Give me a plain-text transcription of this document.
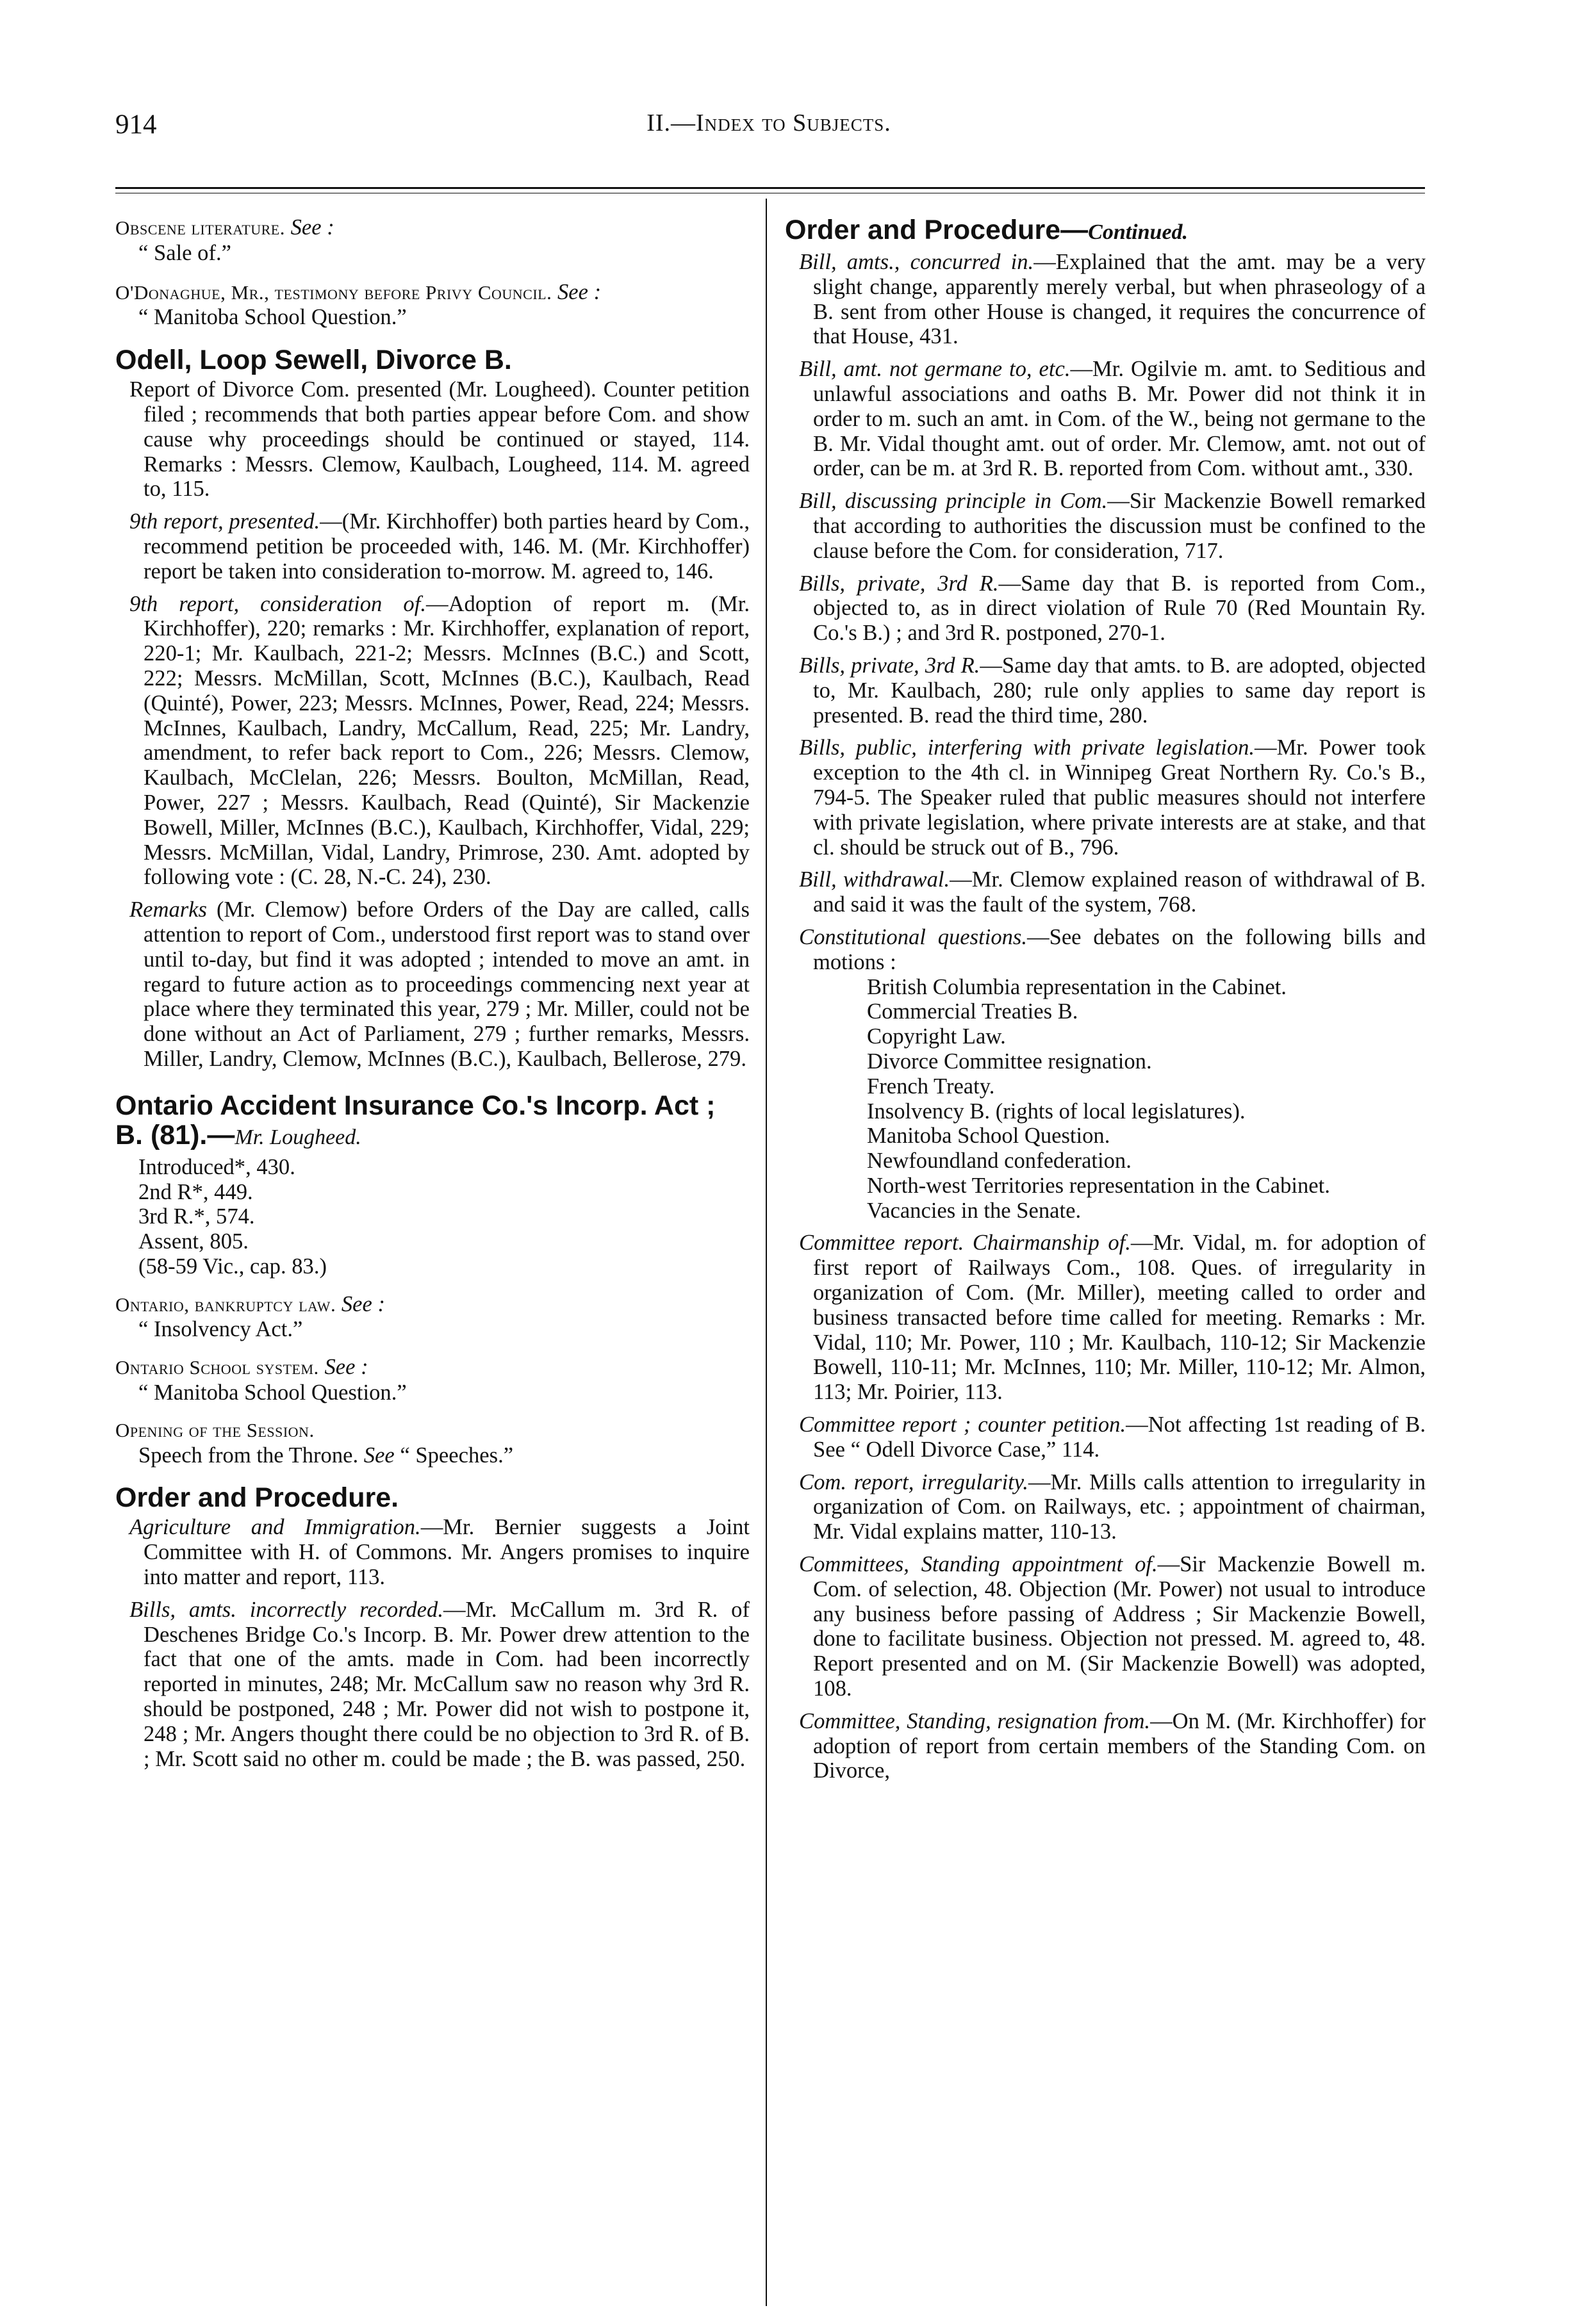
914	II.—Index to Subjects.
Obscene literature. See :
“ Sale of.”
O'Donaghue, Mr., testimony before Privy Council. See :
“ Manitoba School Question.”
Odell, Loop Sewell, Divorce B.

Report of Divorce Com. presented (Mr. Lougheed). Counter petition filed ; recommends that both parties appear before Com. and show cause why proceedings should be continued or stayed, 114. Remarks : Messrs. Clemow, Kaulbach, Lougheed, 114. M. agreed to, 115.

9th report, presented.—(Mr. Kirchhoffer) both parties heard by Com., recommend petition be proceeded with, 146. M. (Mr. Kirchhoffer) report be taken into consideration to-morrow. M. agreed to, 146.

9th report, consideration of.—Adoption of report m. (Mr. Kirchhoffer), 220; remarks : Mr. Kirchhoffer, explanation of report, 220-1; Mr. Kaulbach, 221-2; Messrs. McInnes (B.C.) and Scott, 222; Messrs. McMillan, Scott, McInnes (B.C.), Kaulbach, Read (Quinté), Power, 223; Messrs. McInnes, Power, Read, 224; Messrs. McInnes, Kaulbach, Landry, McCallum, Read, 225; Mr. Landry, amendment, to refer back report to Com., 226; Messrs. Clemow, Kaulbach, McClelan, 226; Messrs. Boulton, McMillan, Read, Power, 227 ; Messrs. Kaulbach, Read (Quinté), Sir Mackenzie Bowell, Miller, McInnes (B.C.), Kaulbach, Kirchhoffer, Vidal, 229; Messrs. McMillan, Vidal, Landry, Primrose, 230. Amt. adopted by following vote : (C. 28, N.-C. 24), 230.

Remarks (Mr. Clemow) before Orders of the Day are called, calls attention to report of Com., understood first report was to stand over until to-day, but find it was adopted ; intended to move an amt. in regard to future action as to proceedings commencing next year at place where they terminated this year, 279 ; Mr. Miller, could not be done without an Act of Parliament, 279 ; further remarks, Messrs. Miller, Landry, Clemow, McInnes (B.C.), Kaulbach, Bellerose, 279.

Ontario Accident Insurance Co.'s Incorp. Act ; B. (81).—Mr. Lougheed.
Introduced*, 430.
2nd R*, 449.
3rd R.*, 574.
Assent, 805.
(58-59 Vic., cap. 83.)
Ontario, bankruptcy law. See :
“ Insolvency Act.”
Ontario School system. See :
“ Manitoba School Question.”
Opening of the Session.
Speech from the Throne. See “ Speeches.”
Order and Procedure.

Agriculture and Immigration.—Mr. Bernier suggests a Joint Committee with H. of Commons. Mr. Angers promises to inquire into matter and report, 113.

Bills, amts. incorrectly recorded.—Mr. McCallum m. 3rd R. of Deschenes Bridge Co.'s Incorp. B. Mr. Power drew attention to the fact that one of the amts. made in Com. had been incorrectly reported in minutes, 248; Mr. McCallum saw no reason why 3rd R. should be postponed, 248 ; Mr. Power did not wish to postpone it, 248 ; Mr. Angers thought there could be no objection to 3rd R. of B. ; Mr. Scott said no other m. could be made ; the B. was passed, 250.

Order and Procedure—Continued.

Bill, amts., concurred in.—Explained that the amt. may be a very slight change, apparently merely verbal, but when phraseology of a B. sent from other House is changed, it requires the concurrence of that House, 431.

Bill, amt. not germane to, etc.—Mr. Ogilvie m. amt. to Seditious and unlawful associations and oaths B. Mr. Power did not think it in order to m. such an amt. in Com. of the W., being not germane to the B. Mr. Vidal thought amt. out of order. Mr. Clemow, amt. not out of order, can be m. at 3rd R. B. reported from Com. without amt., 330.

Bill, discussing principle in Com.—Sir Mackenzie Bowell remarked that according to authorities the discussion must be confined to the clause before the Com. for consideration, 717.

Bills, private, 3rd R.—Same day that B. is reported from Com., objected to, as in direct violation of Rule 70 (Red Mountain Ry. Co.'s B.) ; and 3rd R. postponed, 270-1.

Bills, private, 3rd R.—Same day that amts. to B. are adopted, objected to, Mr. Kaulbach, 280; rule only applies to same day report is presented. B. read the third time, 280.

Bills, public, interfering with private legislation.—Mr. Power took exception to the 4th cl. in Winnipeg Great Northern Ry. Co.'s B., 794-5. The Speaker ruled that public measures should not interfere with private legislation, where private interests are at stake, and that cl. should be struck out of B., 796.

Bill, withdrawal.—Mr. Clemow explained reason of withdrawal of B. and said it was the fault of the system, 768.

Constitutional questions.—See debates on the following bills and motions :

British Columbia representation in the Cabinet.
Commercial Treaties B.
Copyright Law.
Divorce Committee resignation.
French Treaty.
Insolvency B. (rights of local legislatures).
Manitoba School Question.
Newfoundland confederation.
North-west Territories representation in the Cabinet.
Vacancies in the Senate.

Committee report. Chairmanship of.—Mr. Vidal, m. for adoption of first report of Railways Com., 108. Ques. of irregularity in organization of Com. (Mr. Miller), meeting called to order and business transacted before time called for meeting. Remarks : Mr. Vidal, 110; Mr. Power, 110 ; Mr. Kaulbach, 110-12; Sir Mackenzie Bowell, 110-11; Mr. McInnes, 110; Mr. Miller, 110-12; Mr. Almon, 113; Mr. Poirier, 113.

Committee report ; counter petition.—Not affecting 1st reading of B. See “ Odell Divorce Case,” 114.

Com. report, irregularity.—Mr. Mills calls attention to irregularity in organization of Com. on Railways, etc. ; appointment of chairman, Mr. Vidal explains matter, 110-13.

Committees, Standing appointment of.—Sir Mackenzie Bowell m. Com. of selection, 48. Objection (Mr. Power) not usual to introduce any business before passing of Address ; Sir Mackenzie Bowell, done to facilitate business. Objection not pressed. M. agreed to, 48. Report presented and on M. (Sir Mackenzie Bowell) was adopted, 108.

Committee, Standing, resignation from.—On M. (Mr. Kirchhoffer) for adoption of report from certain members of the Standing Com. on Divorce,
